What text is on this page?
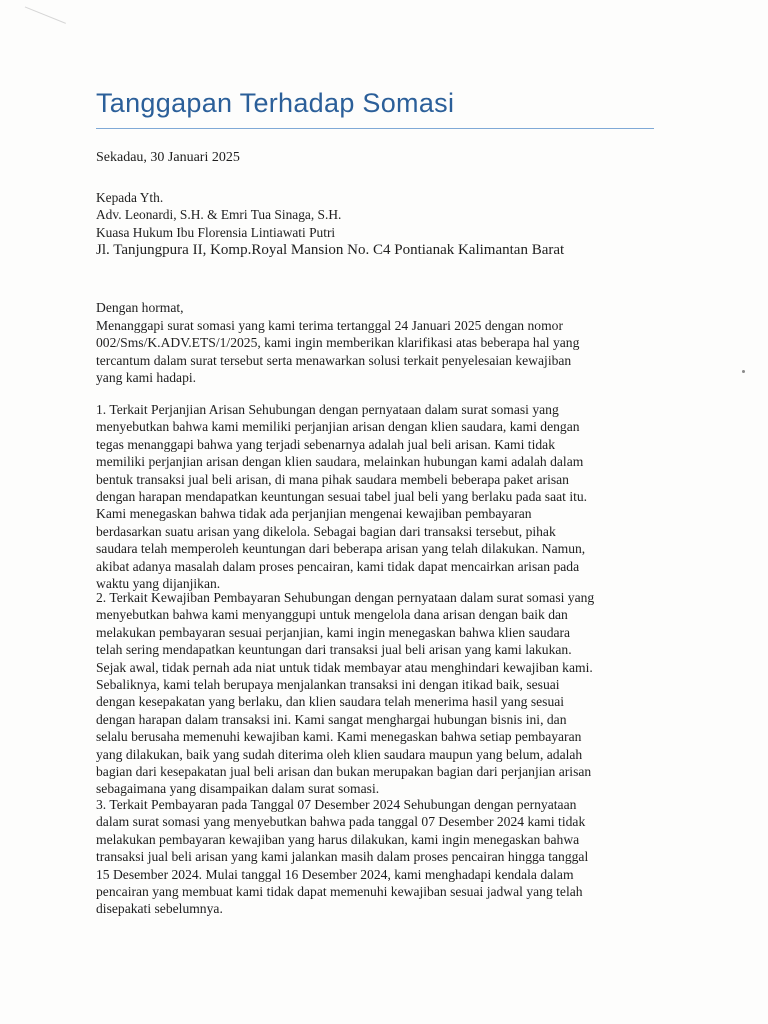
Tanggapan Terhadap Somasi

Sekadau, 30 Januari 2025

Kepada Yth.
Adv. Leonardi, S.H. & Emri Tua Sinaga, S.H.
Kuasa Hukum Ibu Florensia Lintiawati Putri
Jl. Tanjungpura II, Komp.Royal Mansion No. C4 Pontianak Kalimantan Barat

Dengan hormat,

Menanggapi surat somasi yang kami terima tertanggal 24 Januari 2025 dengan nomor
002/Sms/K.ADV.ETS/1/2025, kami ingin memberikan klarifikasi atas beberapa hal yang
tercantum dalam surat tersebut serta menawarkan solusi terkait penyelesaian kewajiban
yang kami hadapi.
1. Terkait Perjanjian Arisan Sehubungan dengan pernyataan dalam surat somasi yang
menyebutkan bahwa kami memiliki perjanjian arisan dengan klien saudara, kami dengan
tegas menanggapi bahwa yang terjadi sebenarnya adalah jual beli arisan. Kami tidak
memiliki perjanjian arisan dengan klien saudara, melainkan hubungan kami adalah dalam
bentuk transaksi jual beli arisan, di mana pihak saudara membeli beberapa paket arisan
dengan harapan mendapatkan keuntungan sesuai tabel jual beli yang berlaku pada saat itu.
Kami menegaskan bahwa tidak ada perjanjian mengenai kewajiban pembayaran
berdasarkan suatu arisan yang dikelola. Sebagai bagian dari transaksi tersebut, pihak
saudara telah memperoleh keuntungan dari beberapa arisan yang telah dilakukan. Namun,
akibat adanya masalah dalam proses pencairan, kami tidak dapat mencairkan arisan pada
waktu yang dijanjikan.
2. Terkait Kewajiban Pembayaran Sehubungan dengan pernyataan dalam surat somasi yang
menyebutkan bahwa kami menyanggupi untuk mengelola dana arisan dengan baik dan
melakukan pembayaran sesuai perjanjian, kami ingin menegaskan bahwa klien saudara
telah sering mendapatkan keuntungan dari transaksi jual beli arisan yang kami lakukan.
Sejak awal, tidak pernah ada niat untuk tidak membayar atau menghindari kewajiban kami.
Sebaliknya, kami telah berupaya menjalankan transaksi ini dengan itikad baik, sesuai
dengan kesepakatan yang berlaku, dan klien saudara telah menerima hasil yang sesuai
dengan harapan dalam transaksi ini. Kami sangat menghargai hubungan bisnis ini, dan
selalu berusaha memenuhi kewajiban kami. Kami menegaskan bahwa setiap pembayaran
yang dilakukan, baik yang sudah diterima oleh klien saudara maupun yang belum, adalah
bagian dari kesepakatan jual beli arisan dan bukan merupakan bagian dari perjanjian arisan
sebagaimana yang disampaikan dalam surat somasi.
3. Terkait Pembayaran pada Tanggal 07 Desember 2024 Sehubungan dengan pernyataan
dalam surat somasi yang menyebutkan bahwa pada tanggal 07 Desember 2024 kami tidak
melakukan pembayaran kewajiban yang harus dilakukan, kami ingin menegaskan bahwa
transaksi jual beli arisan yang kami jalankan masih dalam proses pencairan hingga tanggal
15 Desember 2024. Mulai tanggal 16 Desember 2024, kami menghadapi kendala dalam
pencairan yang membuat kami tidak dapat memenuhi kewajiban sesuai jadwal yang telah
disepakati sebelumnya.
